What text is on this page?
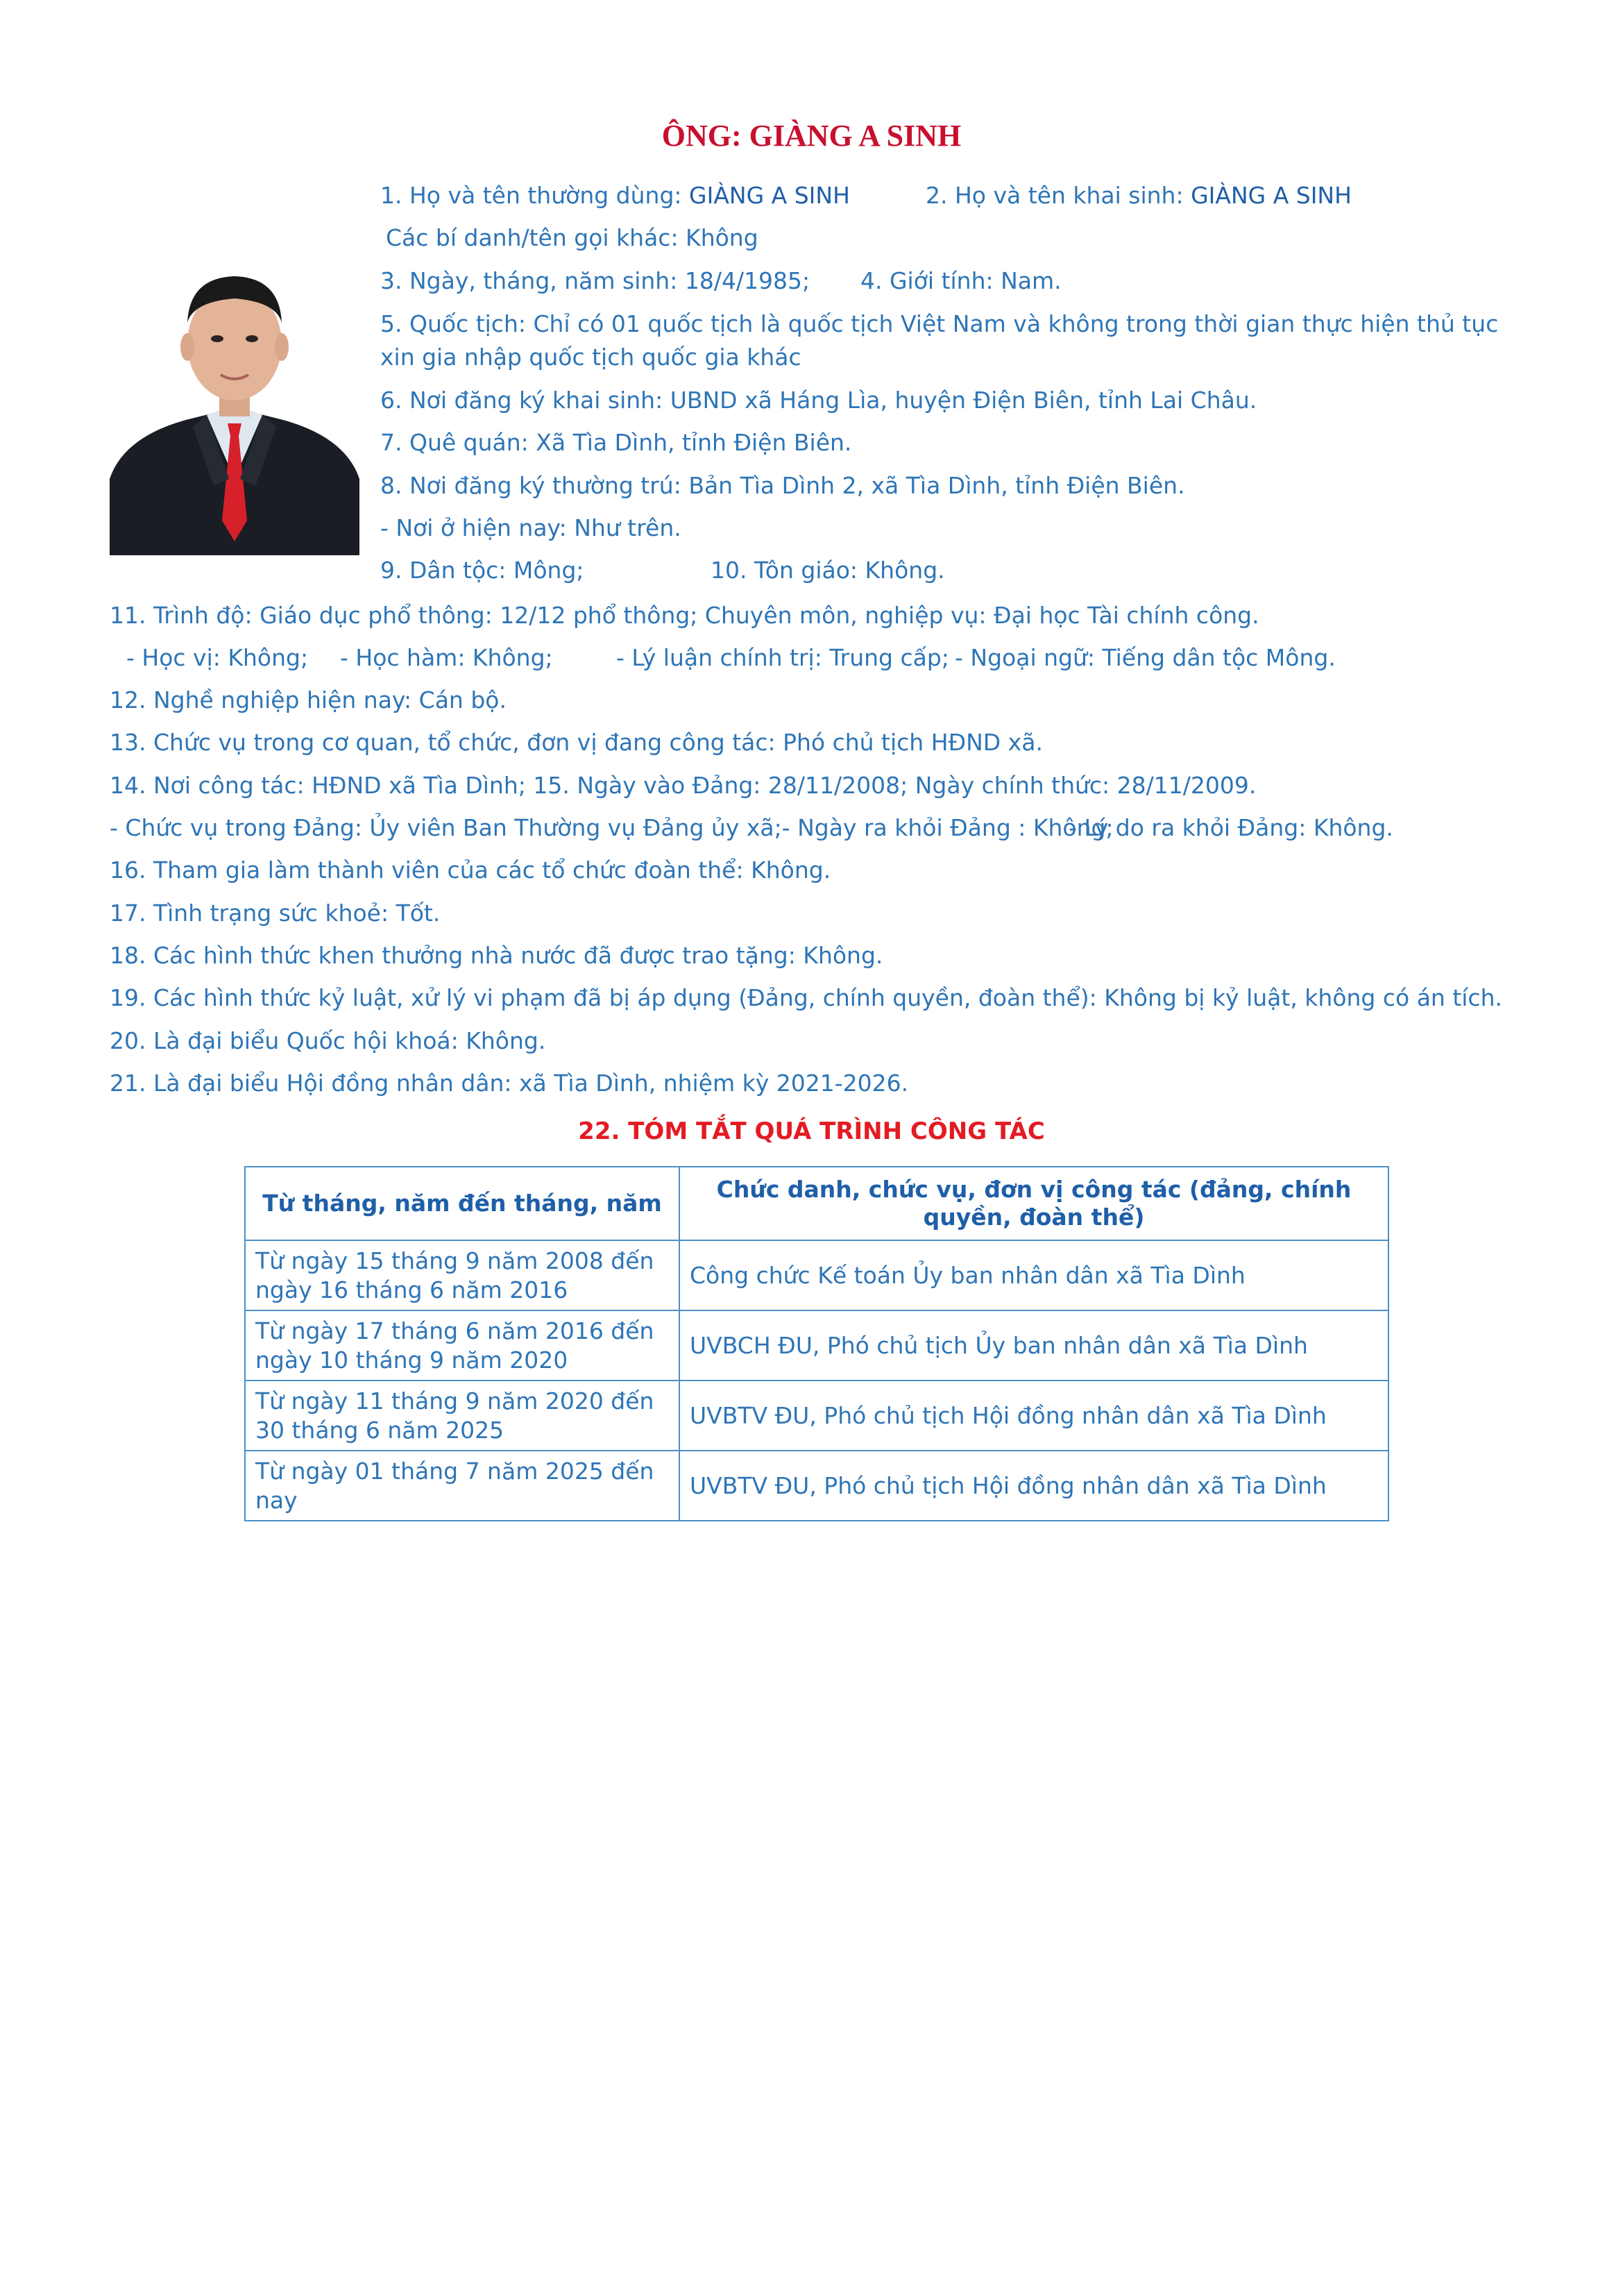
ÔNG: GIÀNG A SINH
1. Họ và tên thường dùng: GIÀNG A SINH	2. Họ và tên khai sinh: GIÀNG A SINH
Các bí danh/tên gọi khác: Không
3. Ngày, tháng, năm sinh: 18/4/1985; 4. Giới tính: Nam.
5. Quốc tịch: Chỉ có 01 quốc tịch là quốc tịch Việt Nam và không trong thời gian thực hiện thủ tục xin gia nhập quốc tịch quốc gia khác
6. Nơi đăng ký khai sinh: UBND xã Háng Lìa, huyện Điện Biên, tỉnh Lai Châu.
7. Quê quán: Xã Tìa Dình, tỉnh Điện Biên.
8. Nơi đăng ký thường trú: Bản Tìa Dình 2, xã Tìa Dình, tỉnh Điện Biên.
- Nơi ở hiện nay: Như trên.
9. Dân tộc: Mông;	10. Tôn giáo: Không.
11. Trình độ: Giáo dục phổ thông: 12/12 phổ thông; Chuyên môn, nghiệp vụ: Đại học Tài chính công.
- Học vị: Không; - Học hàm: Không;	- Lý luận chính trị: Trung cấp; - Ngoại ngữ: Tiếng dân tộc Mông.
12. Nghề nghiệp hiện nay: Cán bộ.
13. Chức vụ trong cơ quan, tổ chức, đơn vị đang công tác: Phó chủ tịch HĐND xã.
14. Nơi công tác: HĐND xã Tìa Dình; 15. Ngày vào Đảng: 28/11/2008; Ngày chính thức: 28/11/2009.
- Chức vụ trong Đảng: Ủy viên Ban Thường vụ Đảng ủy xã;- Ngày ra khỏi Đảng : Không;
- Lý do ra khỏi Đảng: Không.
16. Tham gia làm thành viên của các tổ chức đoàn thể: Không.
17. Tình trạng sức khoẻ: Tốt.
18. Các hình thức khen thưởng nhà nước đã được trao tặng: Không.
19. Các hình thức kỷ luật, xử lý vi phạm đã bị áp dụng (Đảng, chính quyền, đoàn thể): Không bị kỷ luật, không có án tích.
20. Là đại biểu Quốc hội khoá: Không.
21. Là đại biểu Hội đồng nhân dân: xã Tìa Dình, nhiệm kỳ 2021-2026.
22. TÓM TẮT QUÁ TRÌNH CÔNG TÁC
Từ tháng, năm đến tháng, năm	Chức danh, chức vụ, đơn vị công tác (đảng, chính quyền, đoàn thể)
Từ ngày 15 tháng 9 năm 2008 đến ngày 16 tháng 6 năm 2016	Công chức Kế toán Ủy ban nhân dân xã Tìa Dình
Từ ngày 17 tháng 6 năm 2016 đến ngày 10 tháng 9 năm 2020	UVBCH ĐU, Phó chủ tịch Ủy ban nhân dân xã Tìa Dình
Từ ngày 11 tháng 9 năm 2020 đến 30 tháng 6 năm 2025	UVBTV ĐU, Phó chủ tịch Hội đồng nhân dân xã Tìa Dình
Từ ngày 01 tháng 7 năm 2025 đến nay	UVBTV ĐU, Phó chủ tịch Hội đồng nhân dân xã Tìa Dình
